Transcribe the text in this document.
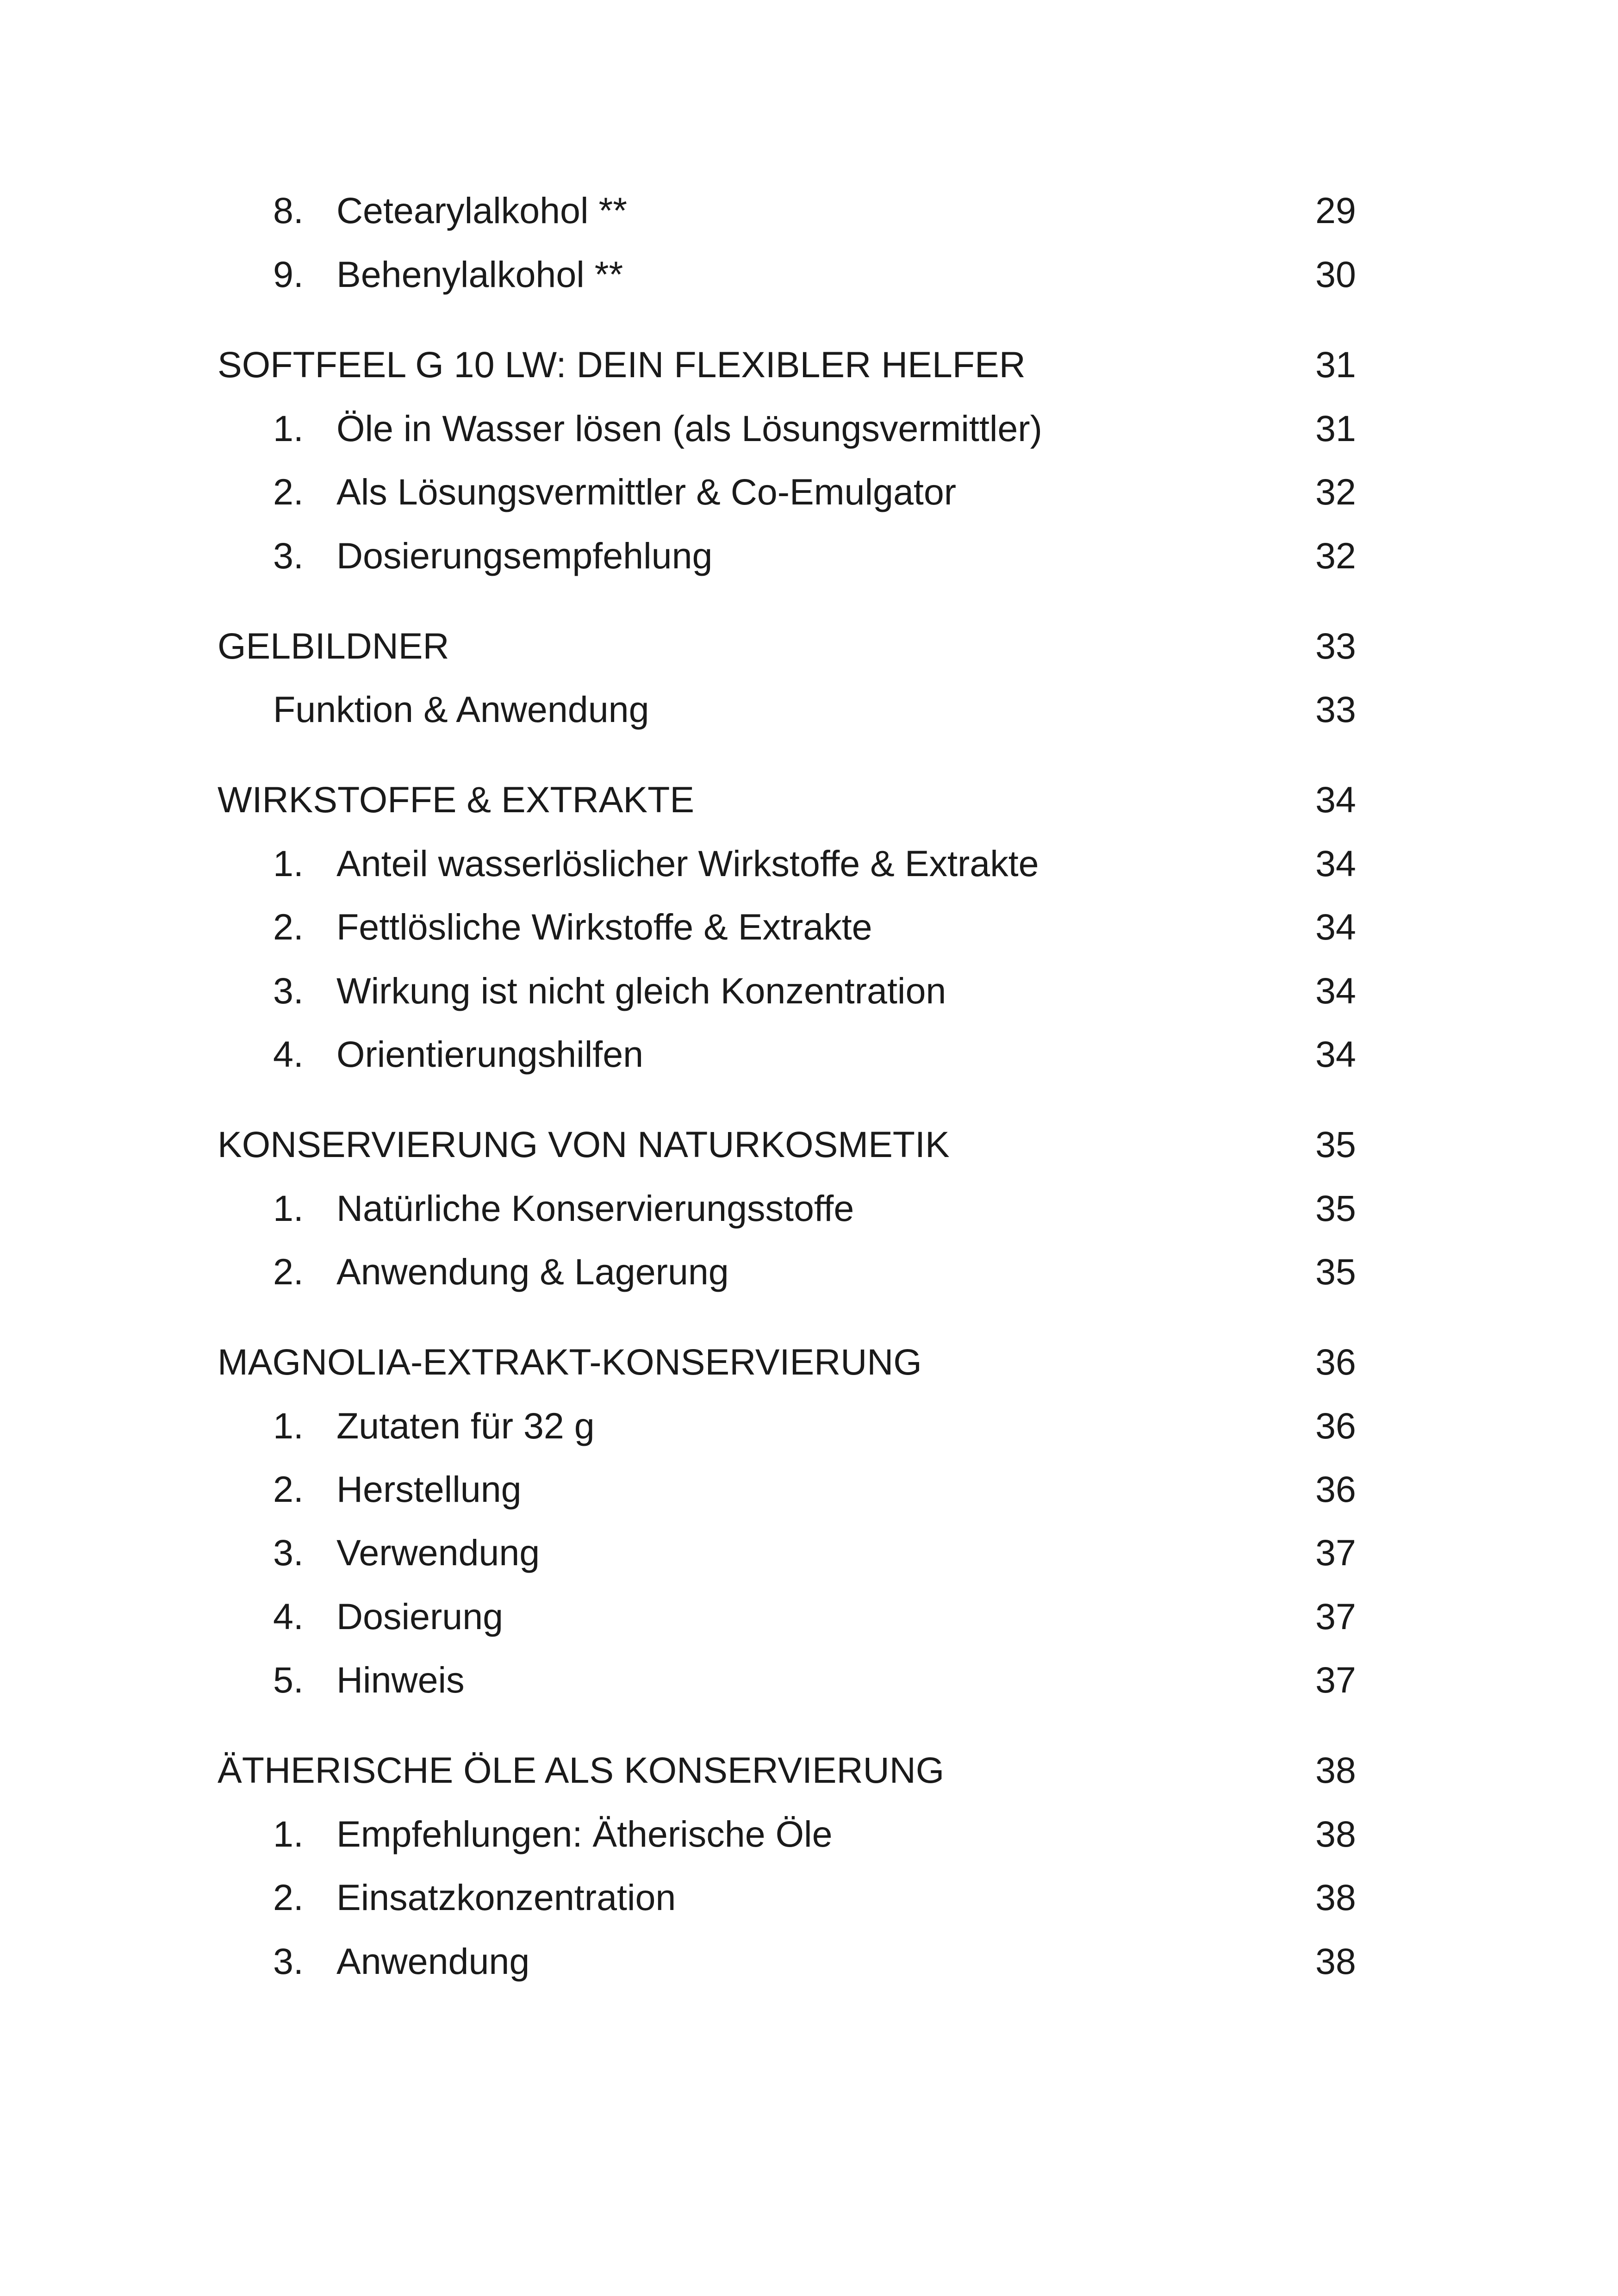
8. Cetearylalkohol **	29
9. Behenylalkohol **	30
SOFTFEEL G 10 LW: DEIN FLEXIBLER HELFER	31
1. Öle in Wasser lösen (als Lösungsvermittler)	31
2. Als Lösungsvermittler & Co-Emulgator	32
3. Dosierungsempfehlung	32
GELBILDNER	33
Funktion & Anwendung	33
WIRKSTOFFE & EXTRAKTE	34
1. Anteil wasserlöslicher Wirkstoffe & Extrakte	34
2. Fettlösliche Wirkstoffe & Extrakte	34
3. Wirkung ist nicht gleich Konzentration	34
4. Orientierungshilfen	34
KONSERVIERUNG VON NATURKOSMETIK	35
1. Natürliche Konservierungsstoffe	35
2. Anwendung & Lagerung	35
MAGNOLIA-EXTRAKT-KONSERVIERUNG	36
1. Zutaten für 32 g	36
2. Herstellung	36
3. Verwendung	37
4. Dosierung	37
5. Hinweis	37
ÄTHERISCHE ÖLE ALS KONSERVIERUNG	38
1. Empfehlungen: Ätherische Öle	38
2. Einsatzkonzentration	38
3. Anwendung	38
